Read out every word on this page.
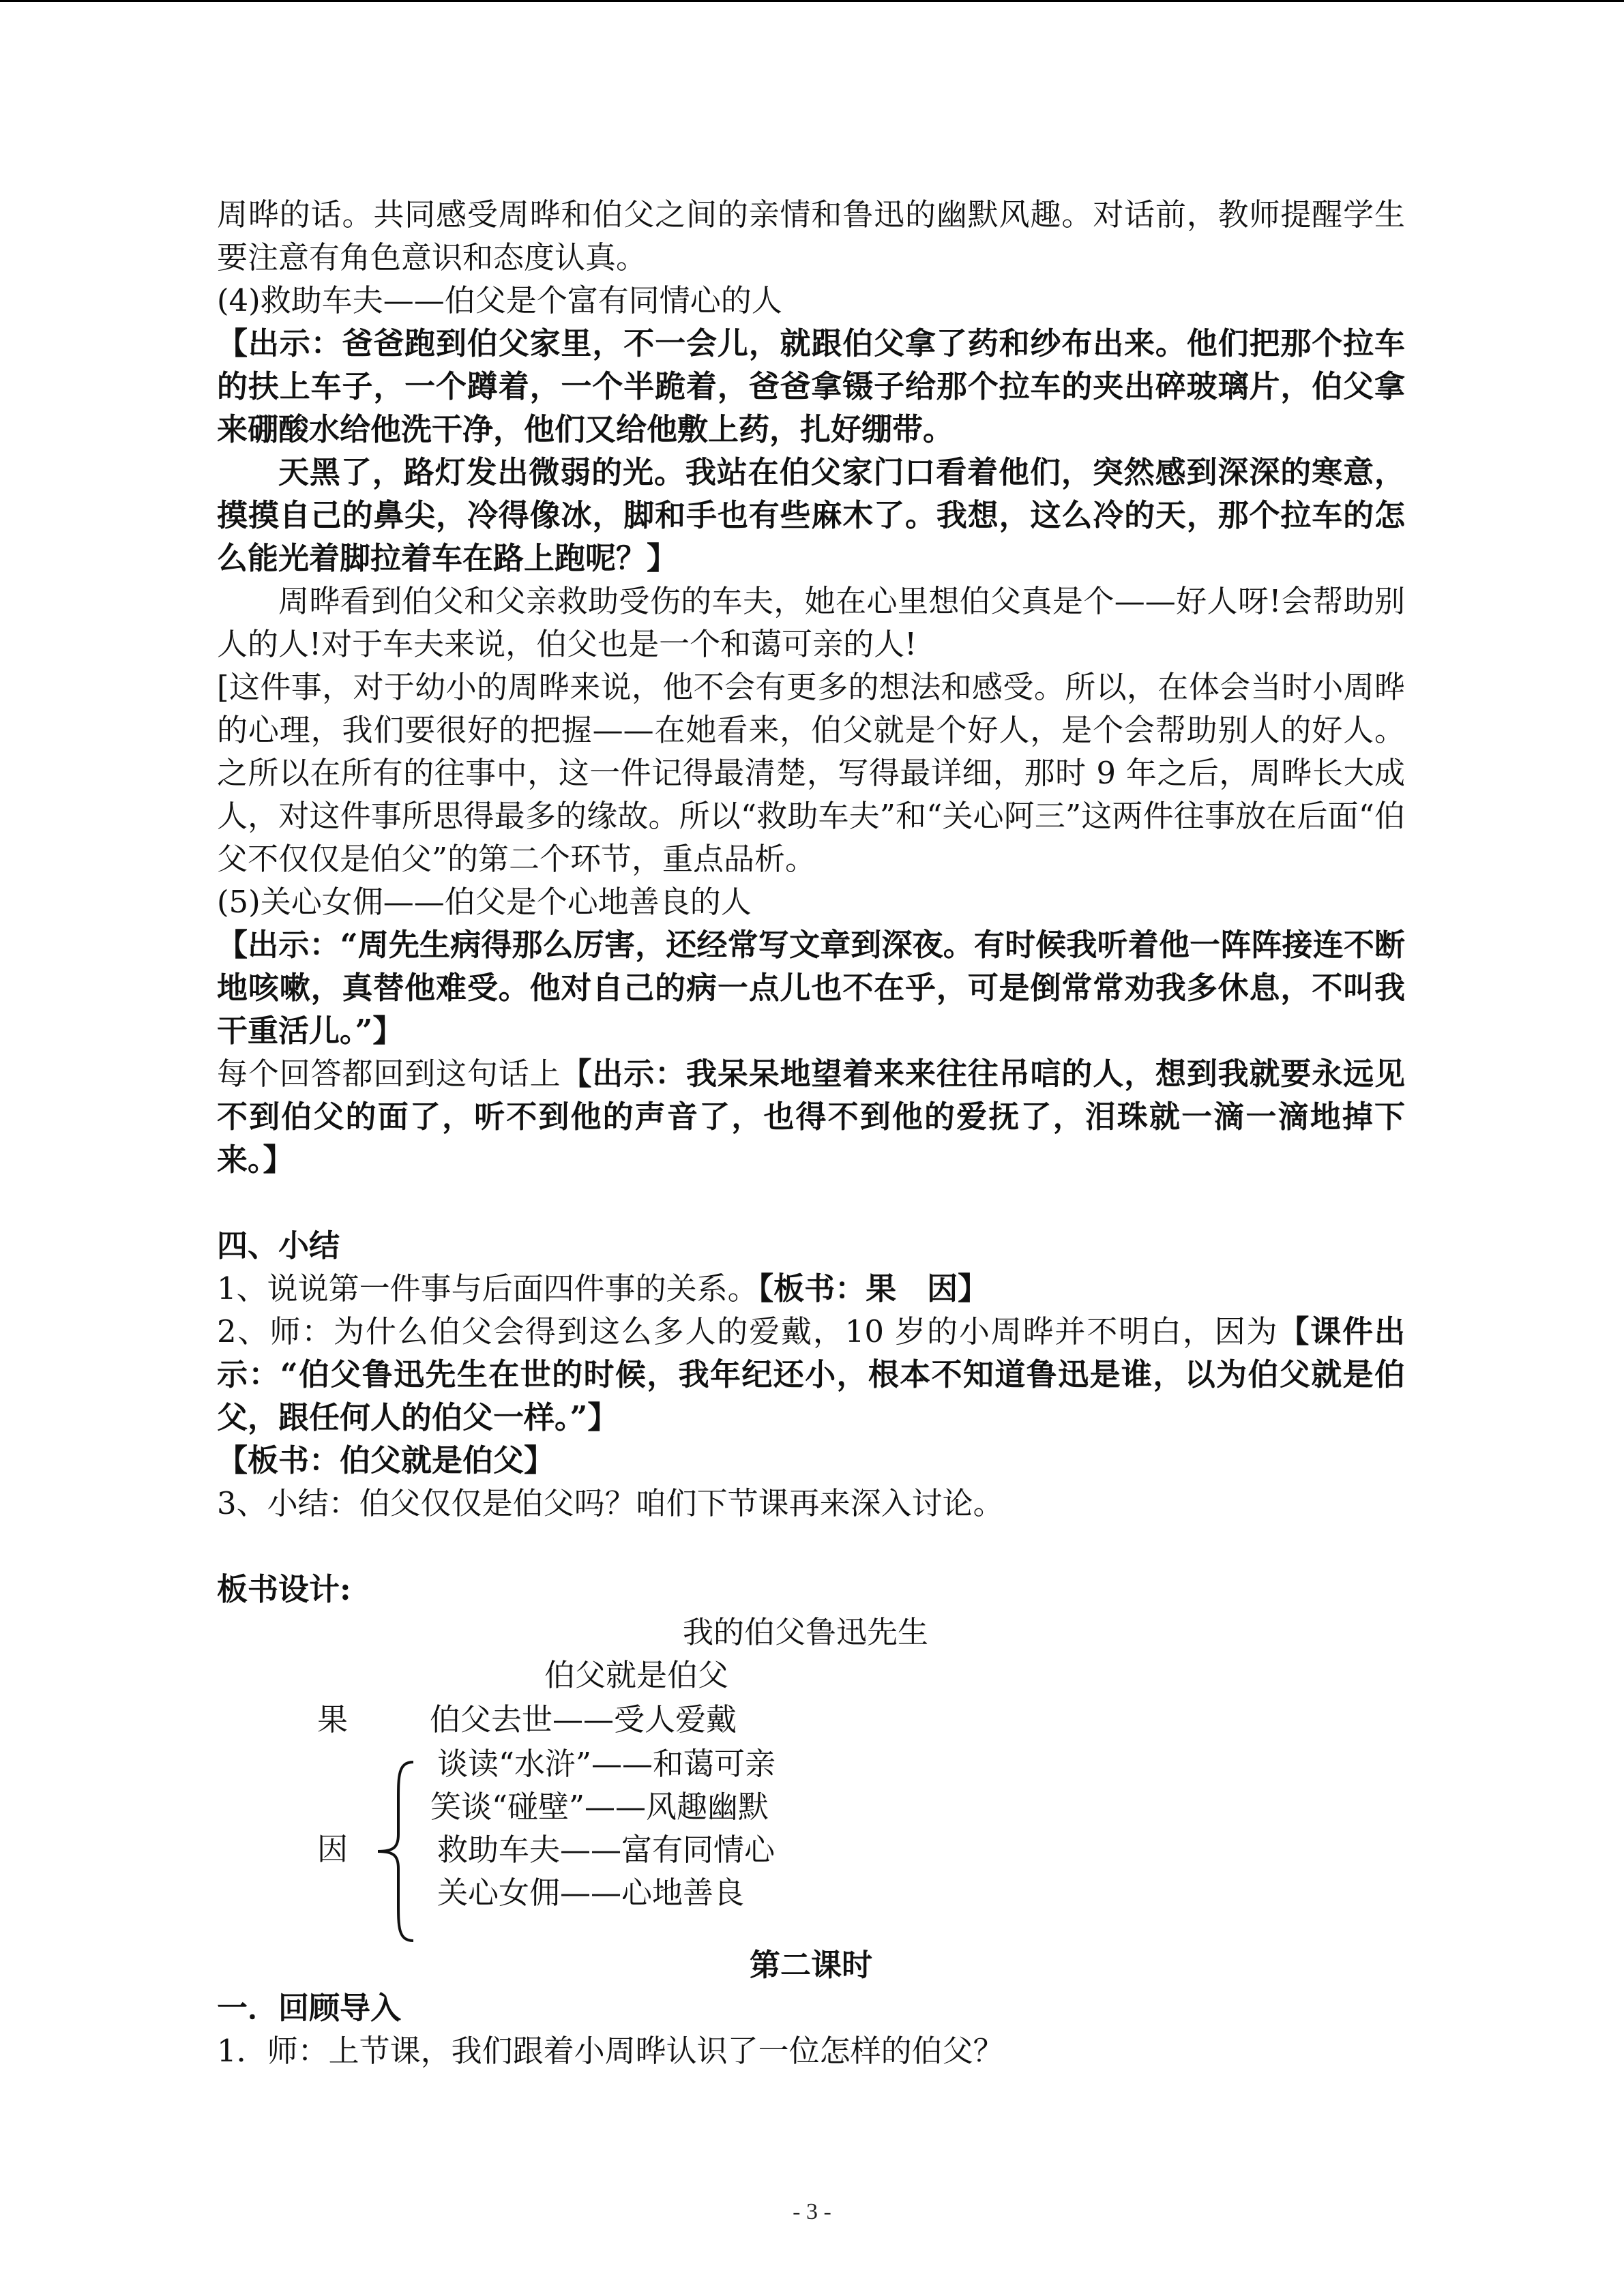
周晔的话。共同感受周晔和伯父之间的亲情和鲁迅的幽默风趣。对话前，教师提醒学生要注意有角色意识和态度认真。

(4)救助车夫——伯父是个富有同情心的人

【出示：爸爸跑到伯父家里，不一会儿，就跟伯父拿了药和纱布出来。他们把那个拉车的扶上车子，一个蹲着，一个半跪着，爸爸拿镊子给那个拉车的夹出碎玻璃片，伯父拿来硼酸水给他洗干净，他们又给他敷上药，扎好绷带。

天黑了，路灯发出微弱的光。我站在伯父家门口看着他们，突然感到深深的寒意，摸摸自己的鼻尖，冷得像冰，脚和手也有些麻木了。我想，这么冷的天，那个拉车的怎么能光着脚拉着车在路上跑呢？】

周晔看到伯父和父亲救助受伤的车夫，她在心里想伯父真是个——好人呀!会帮助别人的人!对于车夫来说，伯父也是一个和蔼可亲的人!

[这件事，对于幼小的周晔来说，他不会有更多的想法和感受。所以，在体会当时小周晔的心理，我们要很好的把握——在她看来，伯父就是个好人，是个会帮助别人的好人。之所以在所有的往事中，这一件记得最清楚，写得最详细，那时 9 年之后，周晔长大成人，对这件事所思得最多的缘故。所以“救助车夫”和“关心阿三”这两件往事放在后面“伯父不仅仅是伯父”的第二个环节，重点品析。

(5)关心女佣——伯父是个心地善良的人

【出示：“周先生病得那么厉害，还经常写文章到深夜。有时候我听着他一阵阵接连不断地咳嗽，真替他难受。他对自己的病一点儿也不在乎，可是倒常常劝我多休息，不叫我干重活儿。”】

每个回答都回到这句话上【出示：我呆呆地望着来来往往吊唁的人，想到我就要永远见不到伯父的面了，听不到他的声音了，也得不到他的爱抚了，泪珠就一滴一滴地掉下来。】

四、小结

1、说说第一件事与后面四件事的关系。【板书：果　因】

2、师：为什么伯父会得到这么多人的爱戴，10 岁的小周晔并不明白，因为【课件出示：“伯父鲁迅先生在世的时候，我年纪还小，根本不知道鲁迅是谁，以为伯父就是伯父，跟任何人的伯父一样。”】

【板书：伯父就是伯父】

3、小结：伯父仅仅是伯父吗？咱们下节课再来深入讨论。

板书设计:

我的伯父鲁迅先生
伯父就是伯父
果	伯父去世——受人爱戴
因
谈读“水浒”——和蔼可亲
笑谈“碰壁”——风趣幽默
救助车夫——富有同情心
关心女佣——心地善良

第二课时

一．回顾导入

1．师：上节课，我们跟着小周晔认识了一位怎样的伯父？

- 3 -
